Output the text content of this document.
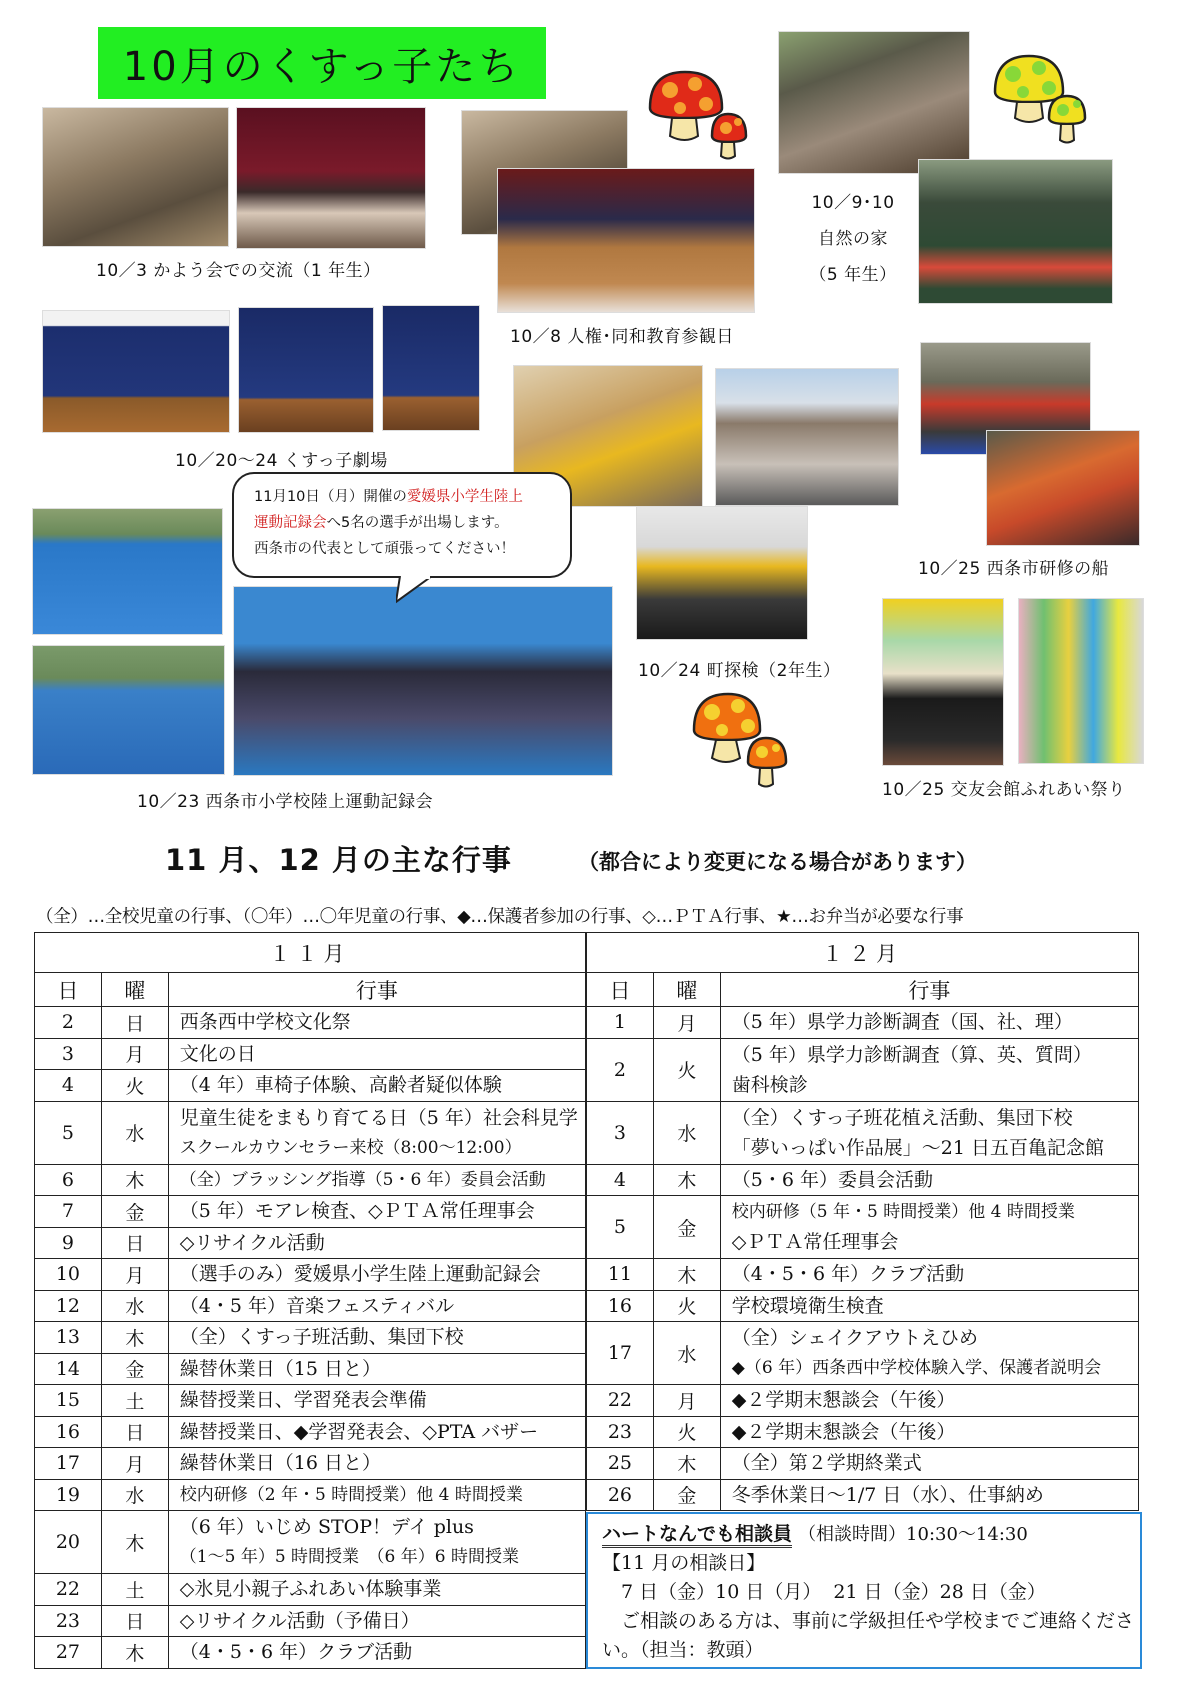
10月のくすっ子たち
10／3 かよう会での交流（1 年生）
10／8 人権･同和教育参観日
10／9･10
自然の家
（5 年生）
10／20～24 くすっ子劇場
10／24 町探検（2年生）
10／25 西条市研修の船
10／23 西条市小学校陸上運動記録会
10／25 交友会館ふれあい祭り
11月10日（月）開催の愛媛県小学生陸上
運動記録会へ5名の選手が出場します。
西条市の代表として頑張ってください！
11 月、12 月の主な行事	（都合により変更になる場合があります）
（全）…全校児童の行事、（〇年）…〇年児童の行事、◆…保護者参加の行事、◇…ＰＴＡ行事、★…お弁当が必要な行事
１１月		
日	曜	行事
2	日	西条西中学校文化祭

3	月	文化の日

4	火	（4 年）車椅子体験、高齢者疑似体験

5	水	児童生徒をまもり育てる日（5 年）社会科見学
スクールカウンセラー来校（8:00～12:00）

6	木	（全）ブラッシング指導（5・6 年）委員会活動

7	金	（5 年）モアレ検査、◇ＰＴＡ常任理事会

9	日	◇リサイクル活動

10	月	（選手のみ）愛媛県小学生陸上運動記録会

12	水	（4・5 年）音楽フェスティバル

13	木	（全）くすっ子班活動、集団下校

14	金	繰替休業日（15 日と）

15	土	繰替授業日、学習発表会準備

16	日	繰替授業日、◆学習発表会、◇PTA バザー

17	月	繰替休業日（16 日と）

19	水	校内研修（2 年・5 時間授業）他 4 時間授業

20	木	（6 年）いじめ STOP！デイ plus
（1～5 年）5 時間授業　（6 年）6 時間授業

22	土	◇氷見小親子ふれあい体験事業

23	日	◇リサイクル活動（予備日）

27	木	（4・5・6 年）クラブ活動
１２月		
日	曜	行事
1	月	（5 年）県学力診断調査（国、社、理）

2	火	（5 年）県学力診断調査（算、英、質問）
歯科検診

3	水	（全）くすっ子班花植え活動、集団下校
「夢いっぱい作品展」～21 日五百亀記念館

4	木	（5・6 年）委員会活動

5	金	校内研修（5 年・5 時間授業）他 4 時間授業
◇ＰＴＡ常任理事会

11	木	（4・5・6 年）クラブ活動

16	火	学校環境衛生検査

17	水	（全）シェイクアウトえひめ
◆（6 年）西条西中学校体験入学、保護者説明会

22	月	◆２学期末懇談会（午後）

23	火	◆２学期末懇談会（午後）

25	木	（全）第２学期終業式

26	金	冬季休業日～1/7 日（水）、仕事納め
ハートなんでも相談員 （相談時間）10:30～14:30
【11 月の相談日】
　7 日（金）10 日（月）  21 日（金）28 日（金）
　ご相談のある方は、事前に学級担任や学校までご連絡ください。（担当：教頭）
